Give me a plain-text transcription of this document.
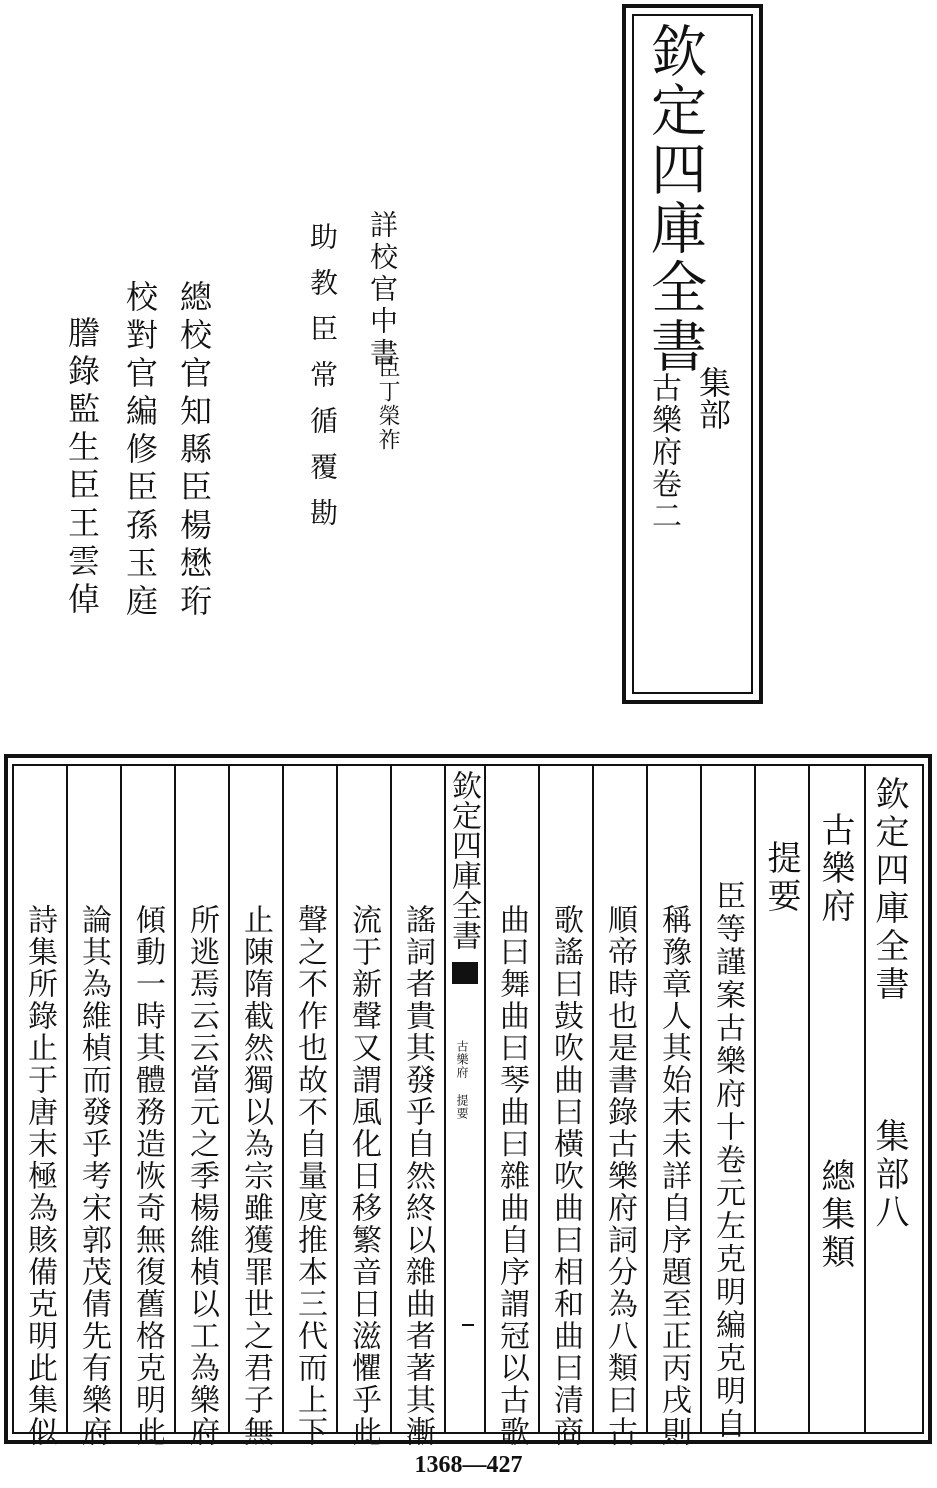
欽定四庫全書
集部
古樂府卷二
詳校官中書
臣丁榮祚
助教臣常循覆勘
總校官知縣臣楊懋珩
校對官編修臣孫玉庭
謄錄監生臣王雲倬
欽定四庫全書
集部八
古樂府
總集類
提要
欽定四庫全書
古樂府 提要	臣等謹案古樂府十卷元左克明編克明自
稱豫章人其始末未詳自序題至正丙戌則
順帝時也是書錄古樂府詞分為八類曰古
歌謠曰鼓吹曲曰橫吹曲曰相和曲曰清商
曲曰舞曲曰琴曲曰雜曲自序謂冠以古歌
謠詞者貴其發乎自然終以雜曲者著其漸
流于新聲又謂風化日移繁音日滋懼乎此
聲之不作也故不自量度推本三代而上下
止陳隋截然獨以為宗雖獲罪世之君子無
所逃焉云云當元之季楊維楨以工為樂府
傾動一時其體務造恢奇無復舊格克明此
論其為維楨而發乎考宋郭茂倩先有樂府
詩集所錄止于唐末極為賅備克明此集似
1368—427
